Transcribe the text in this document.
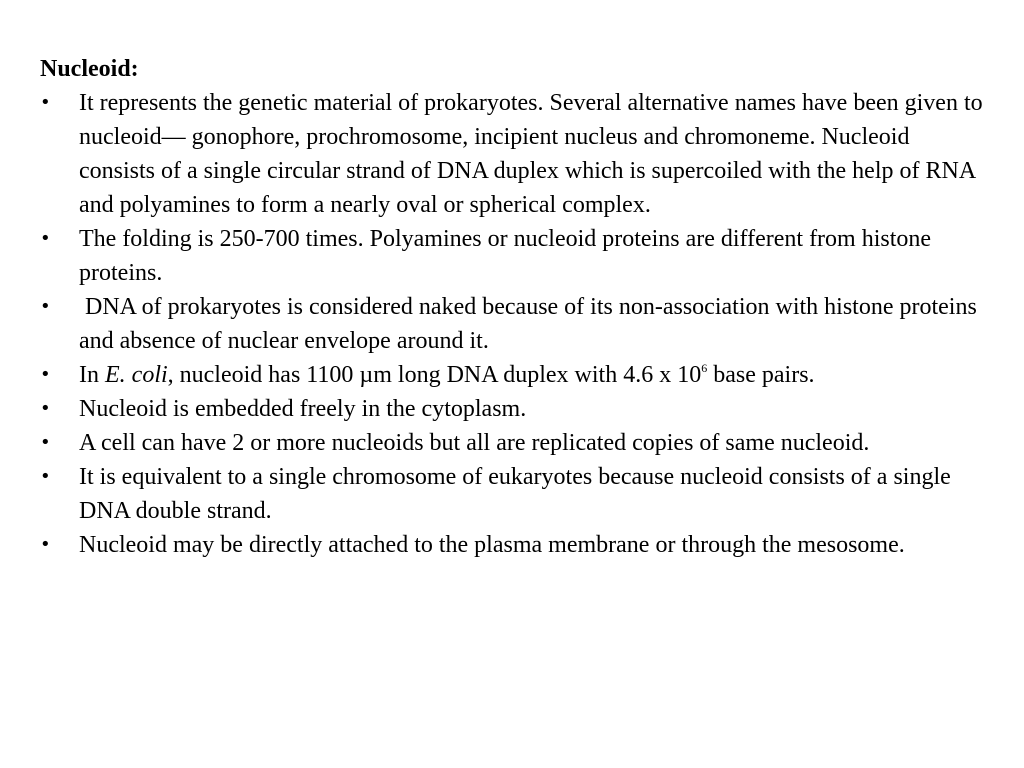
Nucleoid:

•	It represents the genetic material of prokaryotes. Several alternative names have been given to nucleoid— gonophore, prochromosome, incipient nucleus and chromoneme. Nucleoid consists of a single circular strand of DNA duplex which is supercoiled with the help of RNA and polyamines to form a nearly oval or spherical complex.
•	The folding is 250-700 times. Polyamines or nucleoid proteins are different from histone proteins.
•	DNA of prokaryotes is considered naked because of its non-association with histone proteins and absence of nuclear envelope around it.
•	In E. coli, nucleoid has 1100 µm long DNA duplex with 4.6 x $10^6$ base pairs.
•	Nucleoid is embedded freely in the cytoplasm.
•	A cell can have 2 or more nucleoids but all are replicated copies of same nucleoid.
•	It is equivalent to a single chromosome of eukaryotes because nucleoid consists of a single DNA double strand.
•	Nucleoid may be directly attached to the plasma membrane or through the mesosome.
